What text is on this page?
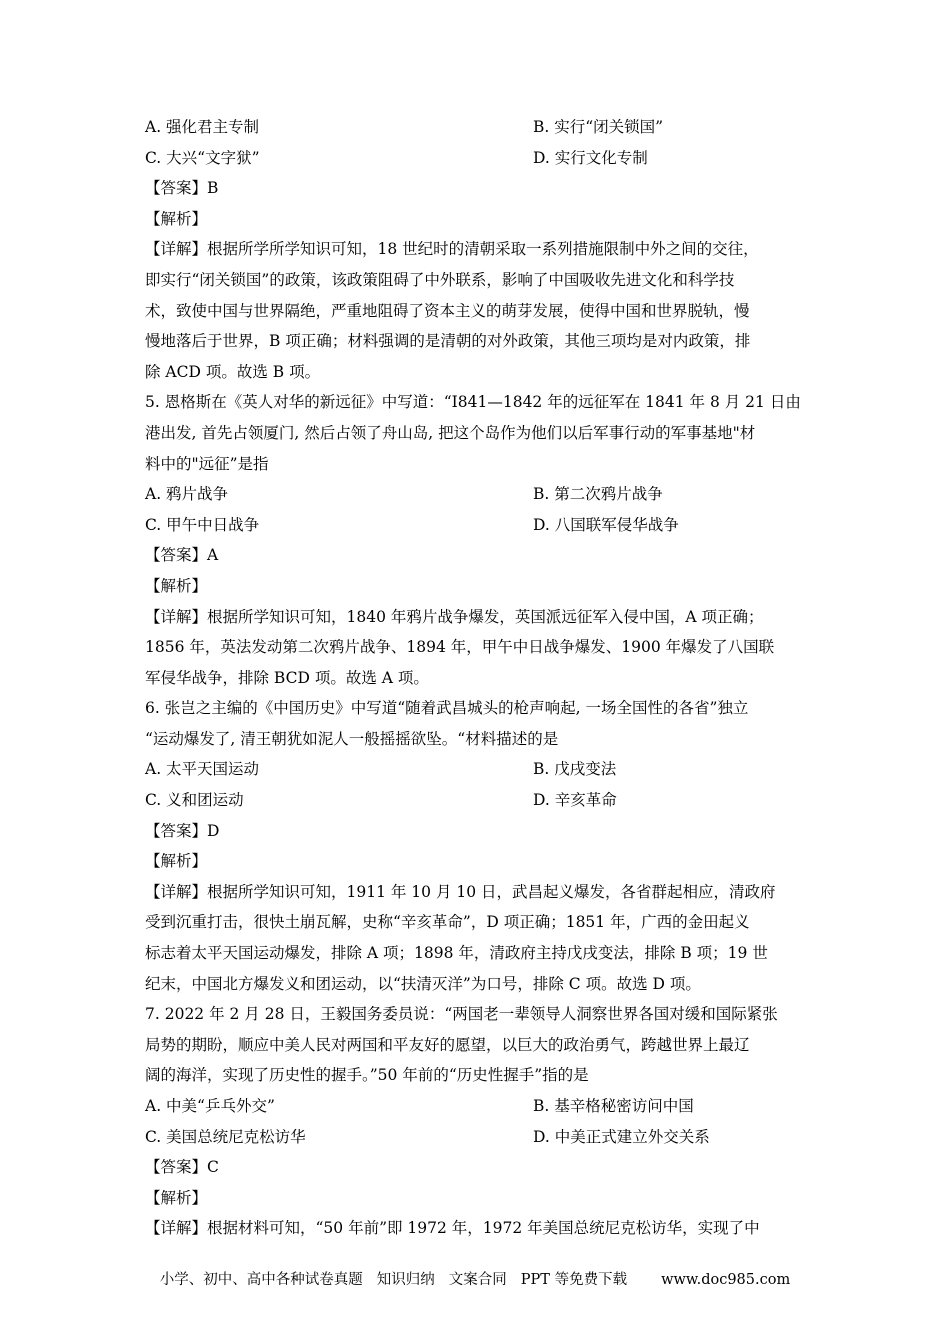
A. 强化君主专制	B. 实行“闭关锁国”
C. 大兴“文字狱”	D. 实行文化专制
【答案】B
【解析】
【详解】根据所学所学知识可知，18 世纪时的清朝采取一系列措施限制中外之间的交往，
即实行“闭关锁国”的政策，该政策阻碍了中外联系，影响了中国吸收先进文化和科学技
术，致使中国与世界隔绝，严重地阻碍了资本主义的萌芽发展，使得中国和世界脱轨，慢
慢地落后于世界，B 项正确；材料强调的是清朝的对外政策，其他三项均是对内政策，排
除 ACD 项。故选 B 项。
5. 恩格斯在《英人对华的新远征》中写道：“I841—1842 年的远征军在 1841 年 8 月 21 日由
港出发, 首先占领厦门, 然后占领了舟山岛, 把这个岛作为他们以后军事行动的军事基地"材
料中的"远征”是指
A. 鸦片战争	B. 第二次鸦片战争
C. 甲午中日战争	D. 八国联军侵华战争
【答案】A
【解析】
【详解】根据所学知识可知，1840 年鸦片战争爆发，英国派远征军入侵中国，A 项正确；
1856 年，英法发动第二次鸦片战争、1894 年，甲午中日战争爆发、1900 年爆发了八国联
军侵华战争，排除 BCD 项。故选 A 项。
6. 张岂之主编的《中国历史》中写道“随着武昌城头的枪声响起, 一场全国性的各省”独立
“运动爆发了, 清王朝犹如泥人一般摇摇欲坠。“材料描述的是
A. 太平天国运动	B. 戊戌变法
C. 义和团运动	D. 辛亥革命
【答案】D
【解析】
【详解】根据所学知识可知，1911 年 10 月 10 日，武昌起义爆发，各省群起相应，清政府
受到沉重打击，很快土崩瓦解，史称“辛亥革命”，D 项正确；1851 年，广西的金田起义
标志着太平天国运动爆发，排除 A 项；1898 年，清政府主持戊戌变法，排除 B 项；19 世
纪末，中国北方爆发义和团运动，以“扶清灭洋”为口号，排除 C 项。故选 D 项。
7. 2022 年 2 月 28 日，王毅国务委员说：“两国老一辈领导人洞察世界各国对缓和国际紧张
局势的期盼，顺应中美人民对两国和平友好的愿望，以巨大的政治勇气，跨越世界上最辽
阔的海洋，实现了历史性的握手。”50 年前的“历史性握手”指的是
A. 中美“乒乓外交”	B. 基辛格秘密访问中国
C. 美国总统尼克松访华	D. 中美正式建立外交关系
【答案】C
【解析】
【详解】根据材料可知，“50 年前”即 1972 年，1972 年美国总统尼克松访华，实现了中
小学、初中、高中各种试卷真题 知识归纳 文案合同 PPT 等免费下载 www.doc985.com
